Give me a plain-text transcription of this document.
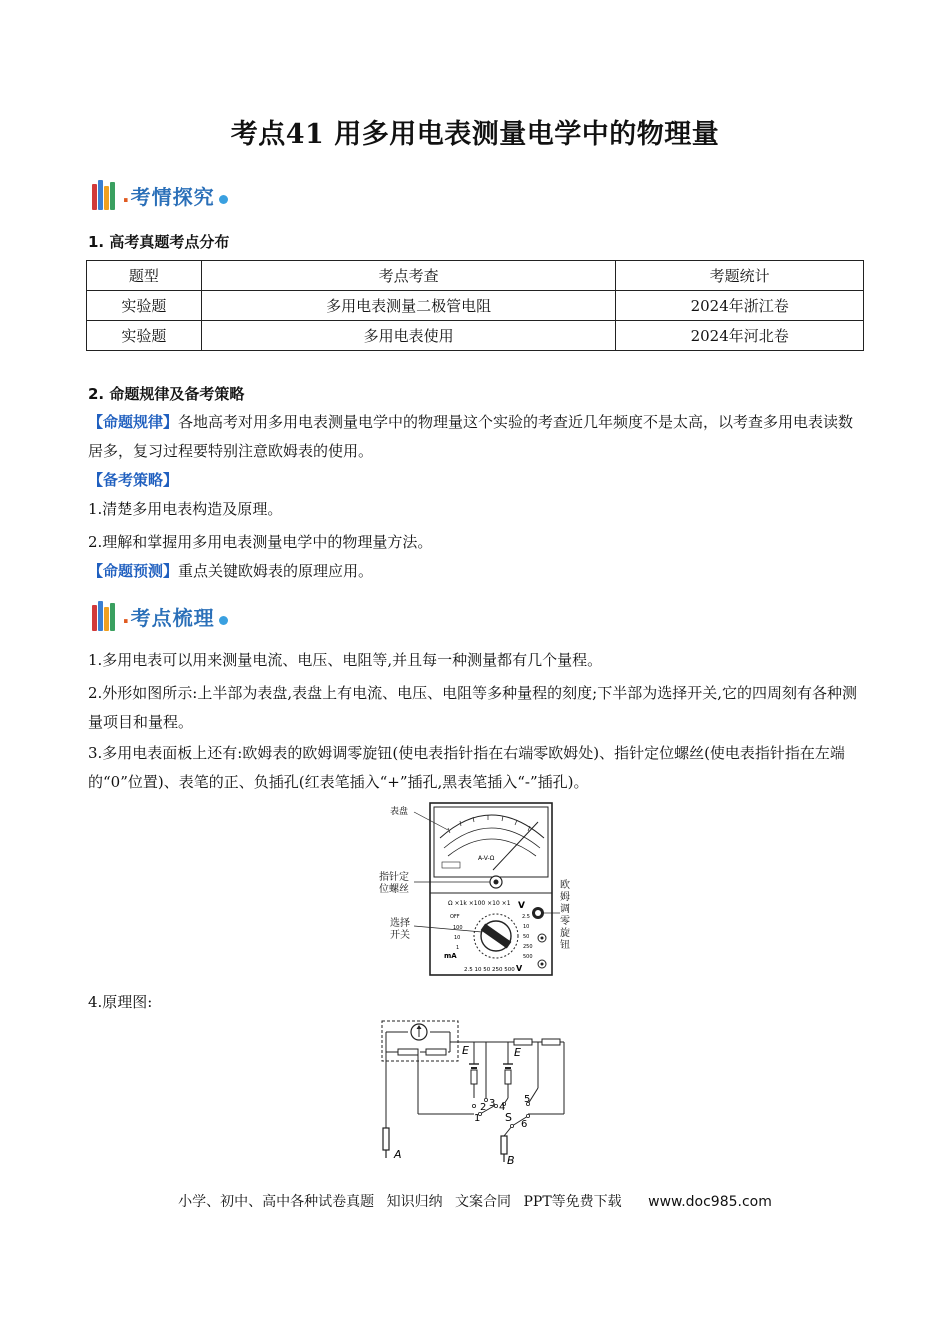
考点41 用多用电表测量电学中的物理量
. 考情探究
1. 高考真题考点分布
题型	考点考查	考题统计
实验题	多用电表测量二极管电阻	2024年浙江卷
实验题	多用电表使用	2024年河北卷
2. 命题规律及备考策略
【命题规律】各地高考对用多用电表测量电学中的物理量这个实验的考查近几年频度不是太高，以考查多用电表读数居多，复习过程要特别注意欧姆表的使用。
【备考策略】
1.清楚多用电表构造及原理。
2.理解和掌握用多用电表测量电学中的物理量方法。
【命题预测】重点关键欧姆表的原理应用。
. 考点梳理
1.多用电表可以用来测量电流、电压、电阻等,并且每一种测量都有几个量程。
2.外形如图所示:上半部为表盘,表盘上有电流、电压、电阻等多种量程的刻度;下半部为选择开关,它的四周刻有各种测量项目和量程。
3.多用电表面板上还有:欧姆表的欧姆调零旋钮(使电表指针指在右端零欧姆处)、指针定位螺丝(使电表指针指在左端的“0”位置)、表笔的正、负插孔(红表笔插入“+”插孔,黑表笔插入“-”插孔)。
A-V-Ω
Ω ×1k ×100 ×10 ×1 V
OFF
100
10
1
2.5
10
50
250
500
mA
2.5 10 50 250 500 V
表盘
指针定
位螺丝
选择
开关
欧
姆
调
零
旋
钮
4.原理图:
E	E
S
A	B
1
2 3 4
5
6
小学、初中、高中各种试卷真题 知识归纳 文案合同 PPT等免费下载 www.doc985.com
